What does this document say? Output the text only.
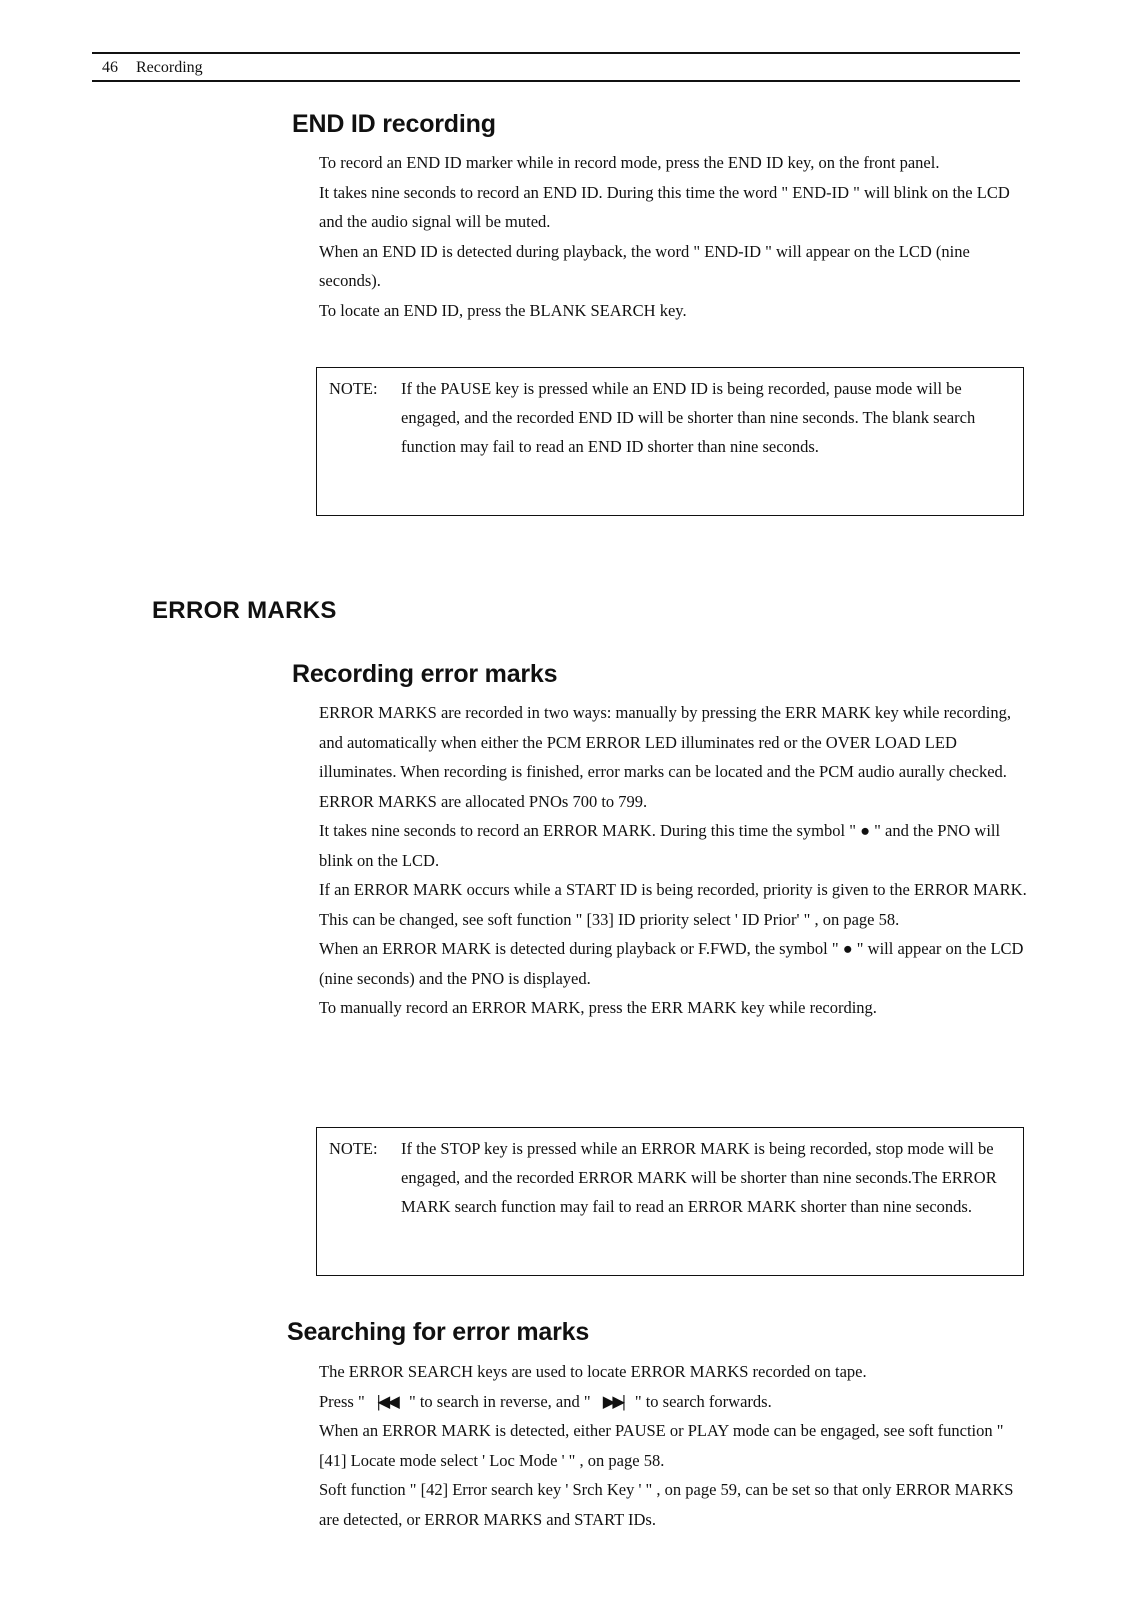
46 Recording
END ID recording

To record an END ID marker while in record mode, press the END ID key, on the front panel.

It takes nine seconds to record an END ID. During this time the word " END-ID " will blink on the LCD and the audio signal will be muted.

When an END ID is detected during playback, the word " END-ID " will appear on the LCD (nine seconds).

To locate an END ID, press the BLANK SEARCH key.

NOTE: If the PAUSE key is pressed while an END ID is being recorded, pause mode will be engaged, and the recorded END ID will be shorter than nine seconds. The blank search function may fail to read an END ID shorter than nine seconds.
ERROR MARKS
Recording error marks

ERROR MARKS are recorded in two ways: manually by pressing the ERR MARK key while recording, and automatically when either the PCM ERROR LED illuminates red or the OVER LOAD LED illuminates. When recording is finished, error marks can be located and the PCM audio aurally checked.

ERROR MARKS are allocated PNOs 700 to 799.

It takes nine seconds to record an ERROR MARK. During this time the symbol " ● " and the PNO will blink on the LCD.

If an ERROR MARK occurs while a START ID is being recorded, priority is given to the ERROR MARK. This can be changed, see soft function " [33] ID priority select ' ID Prior' " , on page 58.

When an ERROR MARK is detected during playback or F.FWD, the symbol " ● " will appear on the LCD (nine seconds) and the PNO is displayed.

To manually record an ERROR MARK, press the ERR MARK key while recording.

NOTE: If the STOP key is pressed while an ERROR MARK is being recorded, stop mode will be engaged, and the recorded ERROR MARK will be shorter than nine seconds.The ERROR MARK search function may fail to read an ERROR MARK shorter than nine seconds.
Searching for error marks

The ERROR SEARCH keys are used to locate ERROR MARKS recorded on tape.

Press " |◀◀ " to search in reverse, and " ▶▶| " to search forwards.

When an ERROR MARK is detected, either PAUSE or PLAY mode can be engaged, see soft function " [41] Locate mode select ' Loc Mode ' " , on page 58.

Soft function " [42] Error search key ' Srch Key ' " , on page 59, can be set so that only ERROR MARKS are detected, or ERROR MARKS and START IDs.
